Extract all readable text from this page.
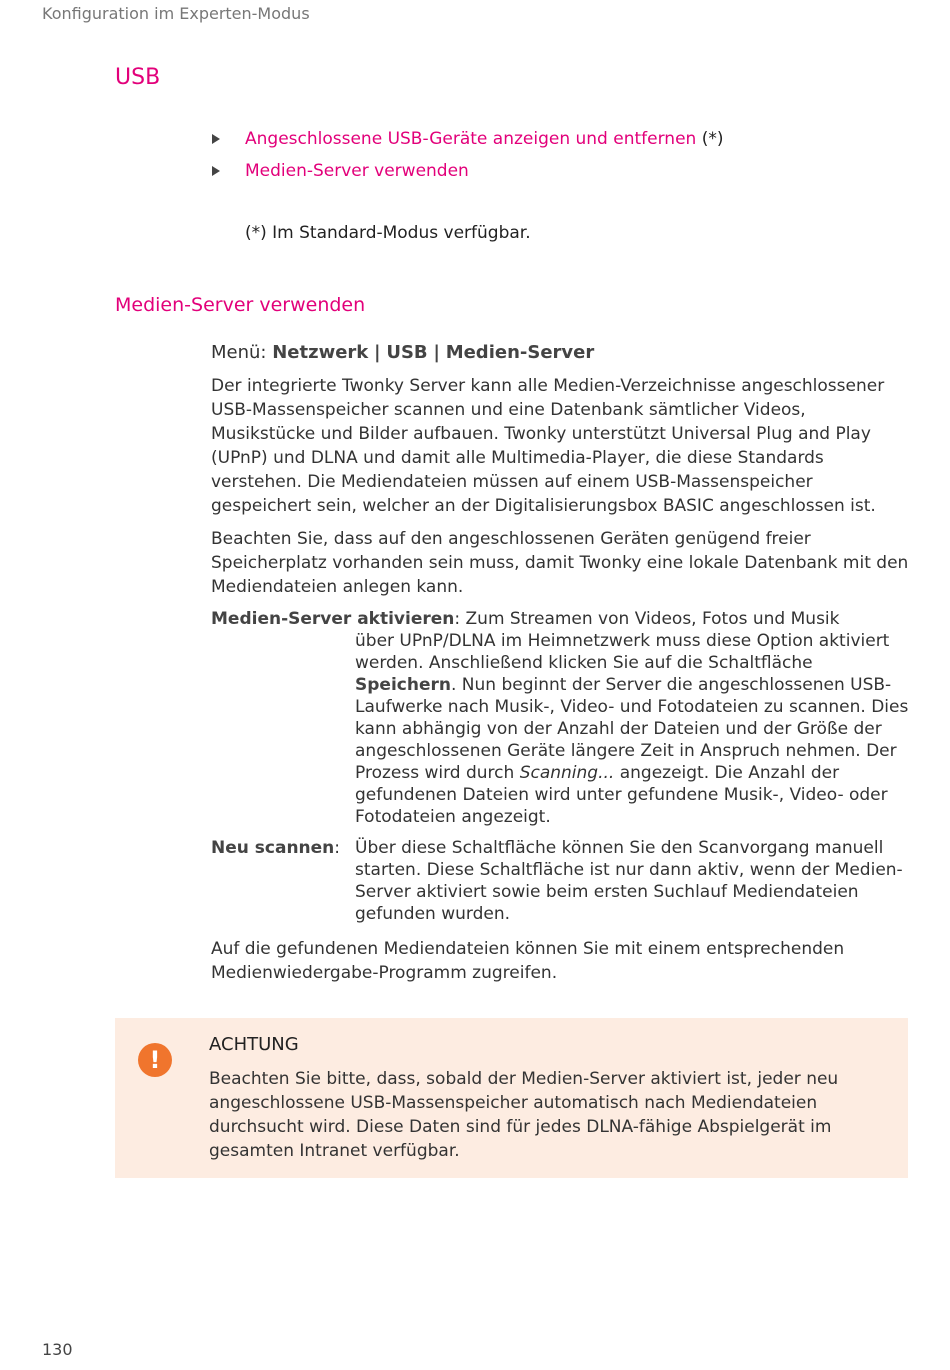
Konfiguration im Experten-Modus
USB
Angeschlossene USB-Geräte anzeigen und entfernen (*)
Medien-Server verwenden
(*) Im Standard-Modus verfügbar.
Medien-Server verwenden
Menü: Netzwerk | USB | Medien-Server

Der integrierte Twonky Server kann alle Medien-Verzeichnisse angeschlossener USB-Massenspeicher scannen und eine Datenbank sämtlicher Videos, Musikstücke und Bilder aufbauen. Twonky unterstützt Universal Plug and Play (UPnP) und DLNA und damit alle Multimedia-Player, die diese Standards verstehen. Die Mediendateien müssen auf einem USB-Massenspeicher gespeichert sein, welcher an der Digitalisierungsbox BASIC angeschlossen ist.

Beachten Sie, dass auf den angeschlossenen Geräten genügend freier Speicherplatz vorhanden sein muss, damit Twonky eine lokale Datenbank mit den Mediendateien anlegen kann.

Medien-Server aktivieren: Zum Streamen von Videos, Fotos und Musik
über UPnP/DLNA im Heimnetzwerk muss diese Option aktiviert werden. Anschließend klicken Sie auf die Schaltfläche Speichern. Nun beginnt der Server die angeschlossenen USB-Laufwerke nach Musik-, Video- und Fotodateien zu scannen. Dies kann abhängig von der Anzahl der Dateien und der Größe der angeschlossenen Geräte längere Zeit in Anspruch nehmen. Der Prozess wird durch Scanning... angezeigt. Die Anzahl der gefundenen Dateien wird unter gefundene Musik-, Video- oder Fotodateien angezeigt.
Neu scannen: Über diese Schaltfläche können Sie den Scanvorgang manuell starten. Diese Schaltfläche ist nur dann aktiv, wenn der Medien-Server aktiviert sowie beim ersten Suchlauf Mediendateien gefunden wurden.

Auf die gefundenen Mediendateien können Sie mit einem entsprechenden Medienwiedergabe-Programm zugreifen.

!
ACHTUNG
Beachten Sie bitte, dass, sobald der Medien-Server aktiviert ist, jeder neu angeschlossene USB-Massenspeicher automatisch nach Mediendateien durchsucht wird. Diese Daten sind für jedes DLNA-fähige Abspielgerät im gesamten Intranet verfügbar.
130
